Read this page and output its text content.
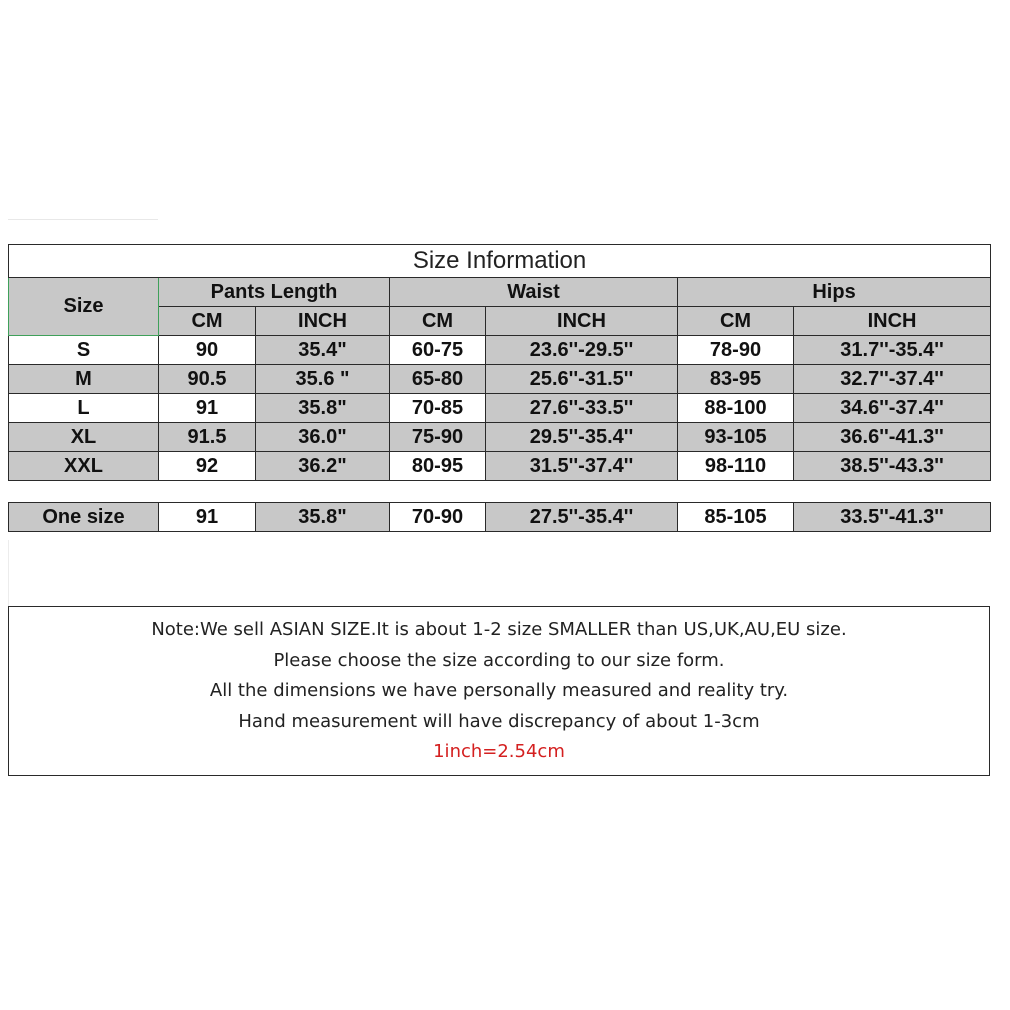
Size Information						
Size	Pants Length		Waist		Hips	
	CM	INCH	CM	INCH	CM	INCH
S	90	35.4"	60-75	23.6''-29.5''	78-90	31.7''-35.4''
M	90.5	35.6 "	65-80	25.6''-31.5''	83-95	32.7''-37.4''
L	91	35.8"	70-85	27.6''-33.5''	88-100	34.6''-37.4''
XL	91.5	36.0"	75-90	29.5''-35.4''	93-105	36.6''-41.3''
XXL	92	36.2"	80-95	31.5''-37.4''	98-110	38.5''-43.3''

One size	91	35.8"	70-90	27.5''-35.4''	85-105	33.5''-41.3''
Note:We sell ASIAN SIZE.It is about 1-2 size SMALLER than US,UK,AU,EU size.
Please choose the size according to our size form.
All the dimensions we have personally measured and reality try.
Hand measurement will have discrepancy of about 1-3cm
1inch=2.54cm
